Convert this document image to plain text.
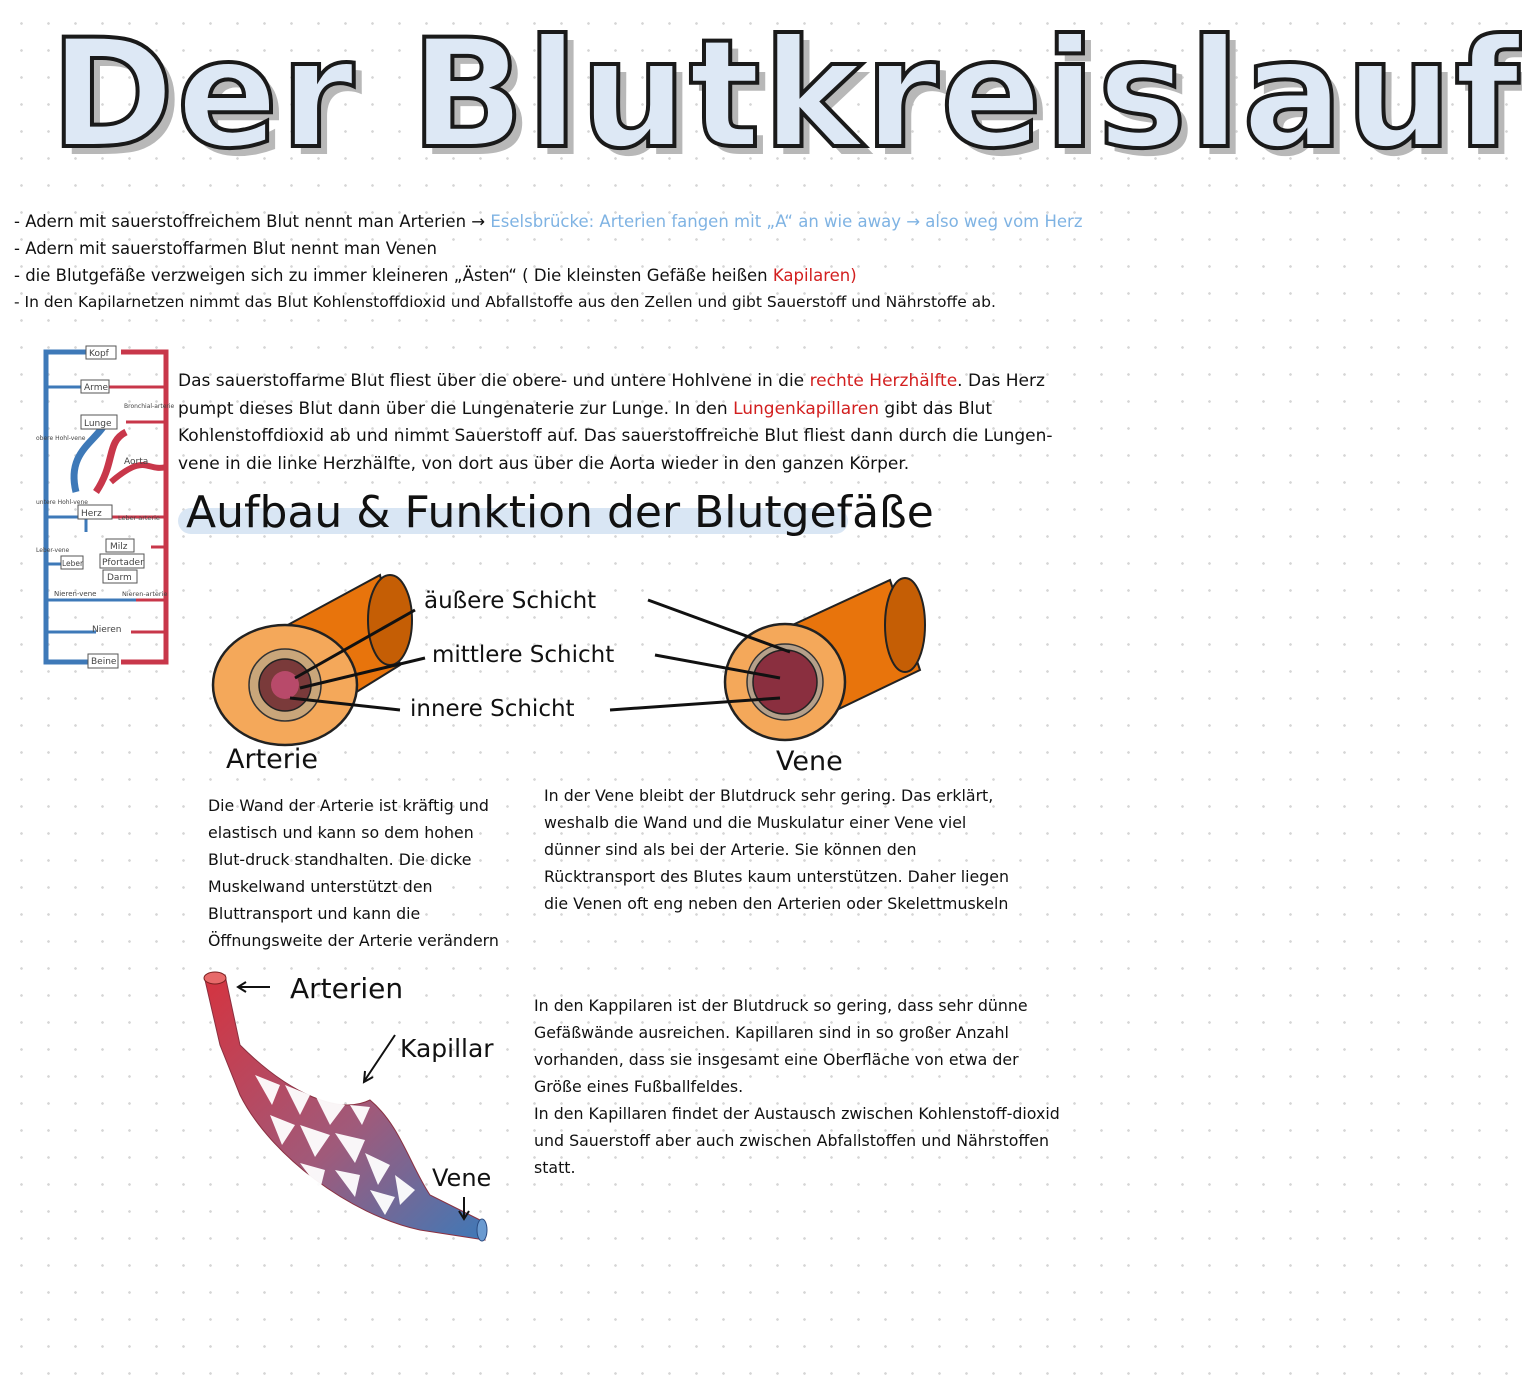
Der Blutkreislauf
- Adern mit sauerstoffreichem Blut nennt man Arterien → Eselsbrücke: Arterien fangen mit „A“ an wie away → also weg vom Herz
- Adern mit sauerstoffarmen Blut nennt man Venen
- die Blutgefäße verzweigen sich zu immer kleineren „Ästen“ ( Die kleinsten Gefäße heißen Kapilaren)
- In den Kapilarnetzen nimmt das Blut Kohlenstoffdioxid und Abfallstoffe aus den Zellen und gibt Sauerstoff und Nährstoffe ab.
Kopf
Arme
Lunge
Bronchial-arterie
obere Hohl-vene
Aorta
untere Hohl-vene
Herz	Leber-arterie
Leber-vene
Leber
Milz
Pfortader
Darm
Nieren-vene	Nieren-arterie
Nieren
Beine
Das sauerstoffarme Blut fliest über die obere- und untere Hohlvene in die rechte Herzhälfte. Das Herz pumpt dieses Blut dann über die Lungenaterie zur Lunge. In den Lungenkapillaren gibt das Blut Kohlenstoffdioxid ab und nimmt Sauerstoff auf. Das sauerstoffreiche Blut fliest dann durch die Lungen-vene in die linke Herzhälfte, von dort aus über die Aorta wieder in den ganzen Körper.
Aufbau & Funktion der Blutgefäße
äußere Schicht
mittlere Schicht
innere Schicht
Arterie	Vene
Die Wand der Arterie ist kräftig und elastisch und kann so dem hohen Blut-druck standhalten. Die dicke Muskelwand unterstützt den Bluttransport und kann die Öffnungsweite der Arterie verändern
In der Vene bleibt der Blutdruck sehr gering. Das erklärt, weshalb die Wand und die Muskulatur einer Vene viel dünner sind als bei der Arterie. Sie können den Rücktransport des Blutes kaum unterstützen. Daher liegen die Venen oft eng neben den Arterien oder Skelettmuskeln
Arterien
Kapillar
Vene
In den Kappilaren ist der Blutdruck so gering, dass sehr dünne Gefäßwände ausreichen. Kapillaren sind in so großer Anzahl vorhanden, dass sie insgesamt eine Oberfläche von etwa der Größe eines Fußballfeldes.
In den Kapillaren findet der Austausch zwischen Kohlenstoff-dioxid und Sauerstoff aber auch zwischen Abfallstoffen und Nährstoffen statt.
